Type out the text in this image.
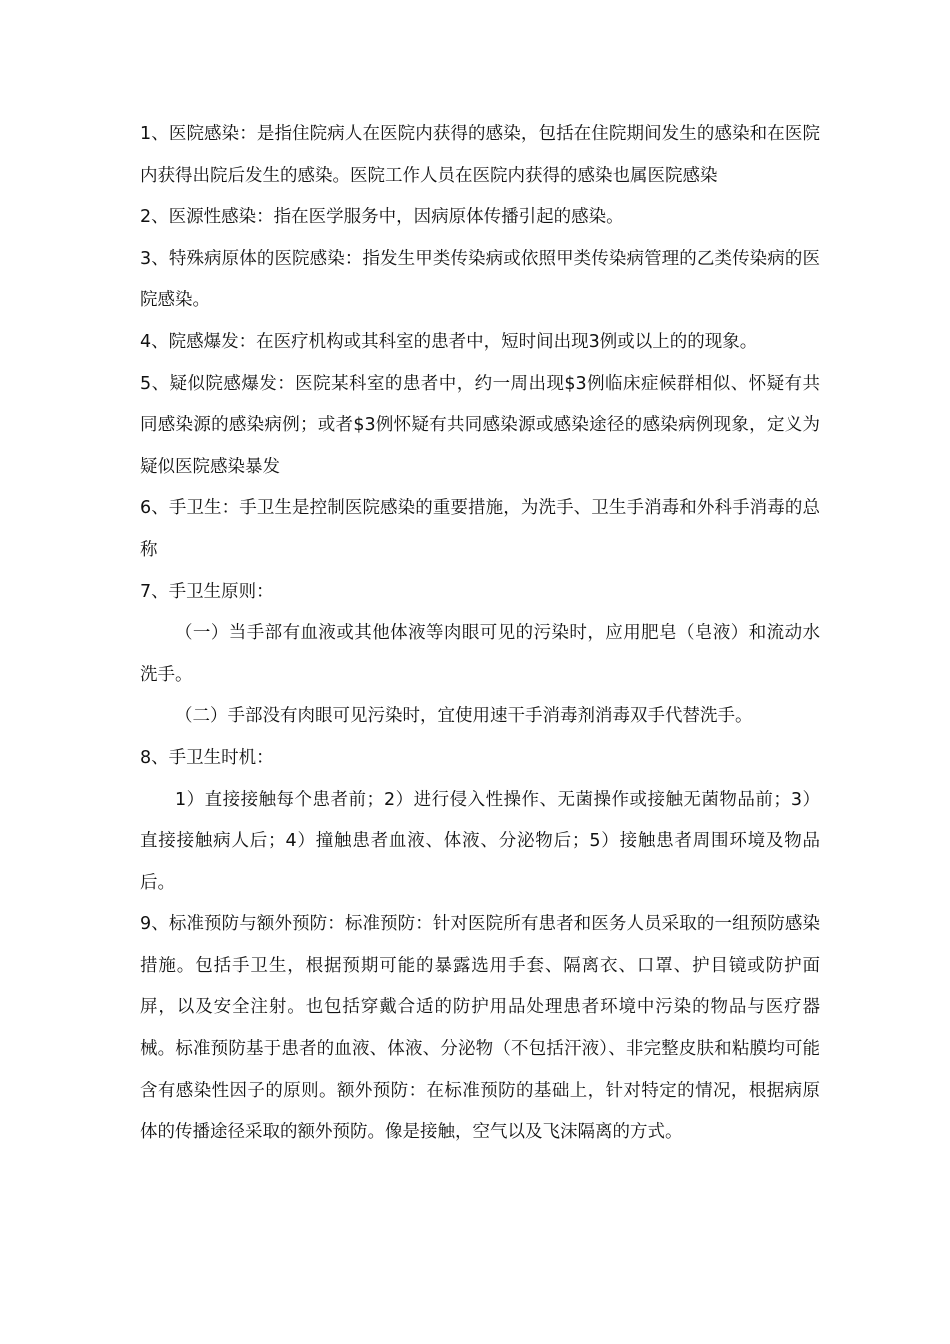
1、医院感染：是指住院病人在医院内获得的感染，包括在住院期间发生的感染和在医院内获得出院后发生的感染。医院工作人员在医院内获得的感染也属医院感染

2、医源性感染：指在医学服务中，因病原体传播引起的感染。

3、特殊病原体的医院感染：指发生甲类传染病或依照甲类传染病管理的乙类传染病的医院感染。

4、院感爆发：在医疗机构或其科室的患者中，短时间出现3例或以上的的现象。

5、疑似院感爆发：医院某科室的患者中，约一周出现$3例临床症候群相似、怀疑有共同感染源的感染病例；或者$3例怀疑有共同感染源或感染途径的感染病例现象，定义为疑似医院感染暴发

6、手卫生：手卫生是控制医院感染的重要措施，为洗手、卫生手消毒和外科手消毒的总称

7、手卫生原则：

（一）当手部有血液或其他体液等肉眼可见的污染时，应用肥皂（皂液）和流动水洗手。

（二）手部没有肉眼可见污染时，宜使用速干手消毒剂消毒双手代替洗手。

8、手卫生时机：

1）直接接触每个患者前；2）进行侵入性操作、无菌操作或接触无菌物品前；3）直接接触病人后；4）撞触患者血液、体液、分泌物后；5）接触患者周围环境及物品后。

9、标准预防与额外预防：标准预防：针对医院所有患者和医务人员采取的一组预防感染措施。包括手卫生，根据预期可能的暴露选用手套、隔离衣、口罩、护目镜或防护面屏，以及安全注射。也包括穿戴合适的防护用品处理患者环境中污染的物品与医疗器械。标准预防基于患者的血液、体液、分泌物（不包括汗液）、非完整皮肤和粘膜均可能含有感染性因子的原则。额外预防：在标准预防的基础上，针对特定的情况，根据病原体的传播途径采取的额外预防。像是接触，空气以及飞沫隔离的方式。
